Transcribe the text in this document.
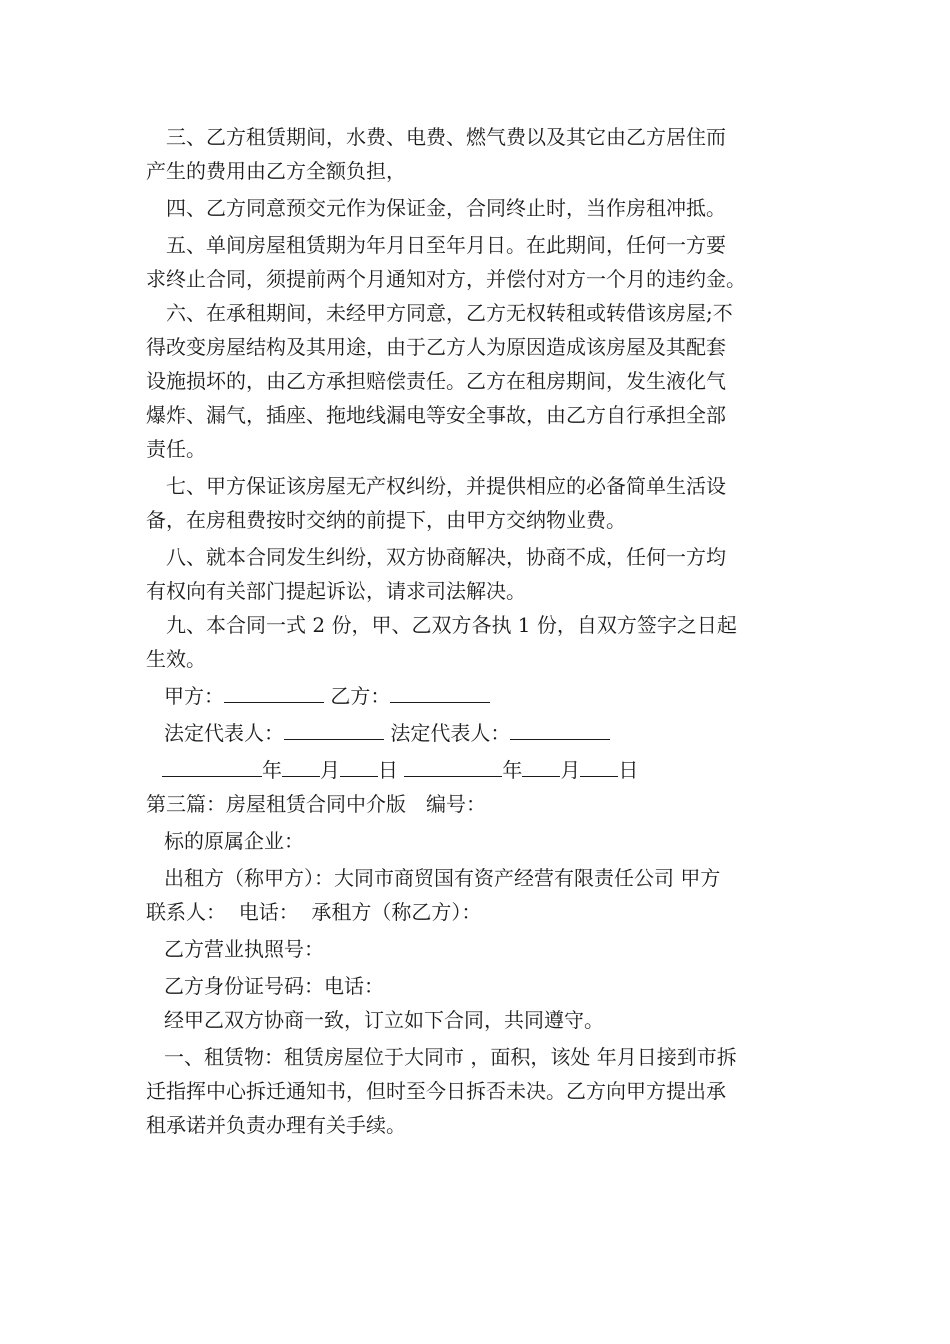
三、乙方租赁期间，水费、电费、燃气费以及其它由乙方居住而
产生的费用由乙方全额负担，
四、乙方同意预交元作为保证金，合同终止时，当作房租冲抵。
五、单间房屋租赁期为年月日至年月日。在此期间，任何一方要
求终止合同，须提前两个月通知对方，并偿付对方一个月的违约金。
六、在承租期间，未经甲方同意，乙方无权转租或转借该房屋;不
得改变房屋结构及其用途，由于乙方人为原因造成该房屋及其配套
设施损坏的，由乙方承担赔偿责任。乙方在租房期间，发生液化气
爆炸、漏气，插座、拖地线漏电等安全事故，由乙方自行承担全部
责任。
七、甲方保证该房屋无产权纠纷，并提供相应的必备简单生活设
备，在房租费按时交纳的前提下，由甲方交纳物业费。
八、就本合同发生纠纷，双方协商解决，协商不成，任何一方均
有权向有关部门提起诉讼，请求司法解决。
九、本合同一式 2 份，甲、乙双方各执 1 份，自双方签字之日起
生效。
甲方：	乙方：
法定代表人：	法定代表人：
年 月 日	年 月 日
第三篇：房屋租赁合同中介版　编号：
标的原属企业：
出租方（称甲方）：大同市商贸国有资产经营有限责任公司 甲方
联系人：  电话：  承租方（称乙方）：
乙方营业执照号：
乙方身份证号码：电话：
经甲乙双方协商一致，订立如下合同，共同遵守。
一、租赁物：租赁房屋位于大同市 ，面积，该处 年月日接到市拆
迁指挥中心拆迁通知书，但时至今日拆否未决。乙方向甲方提出承
租承诺并负责办理有关手续。
